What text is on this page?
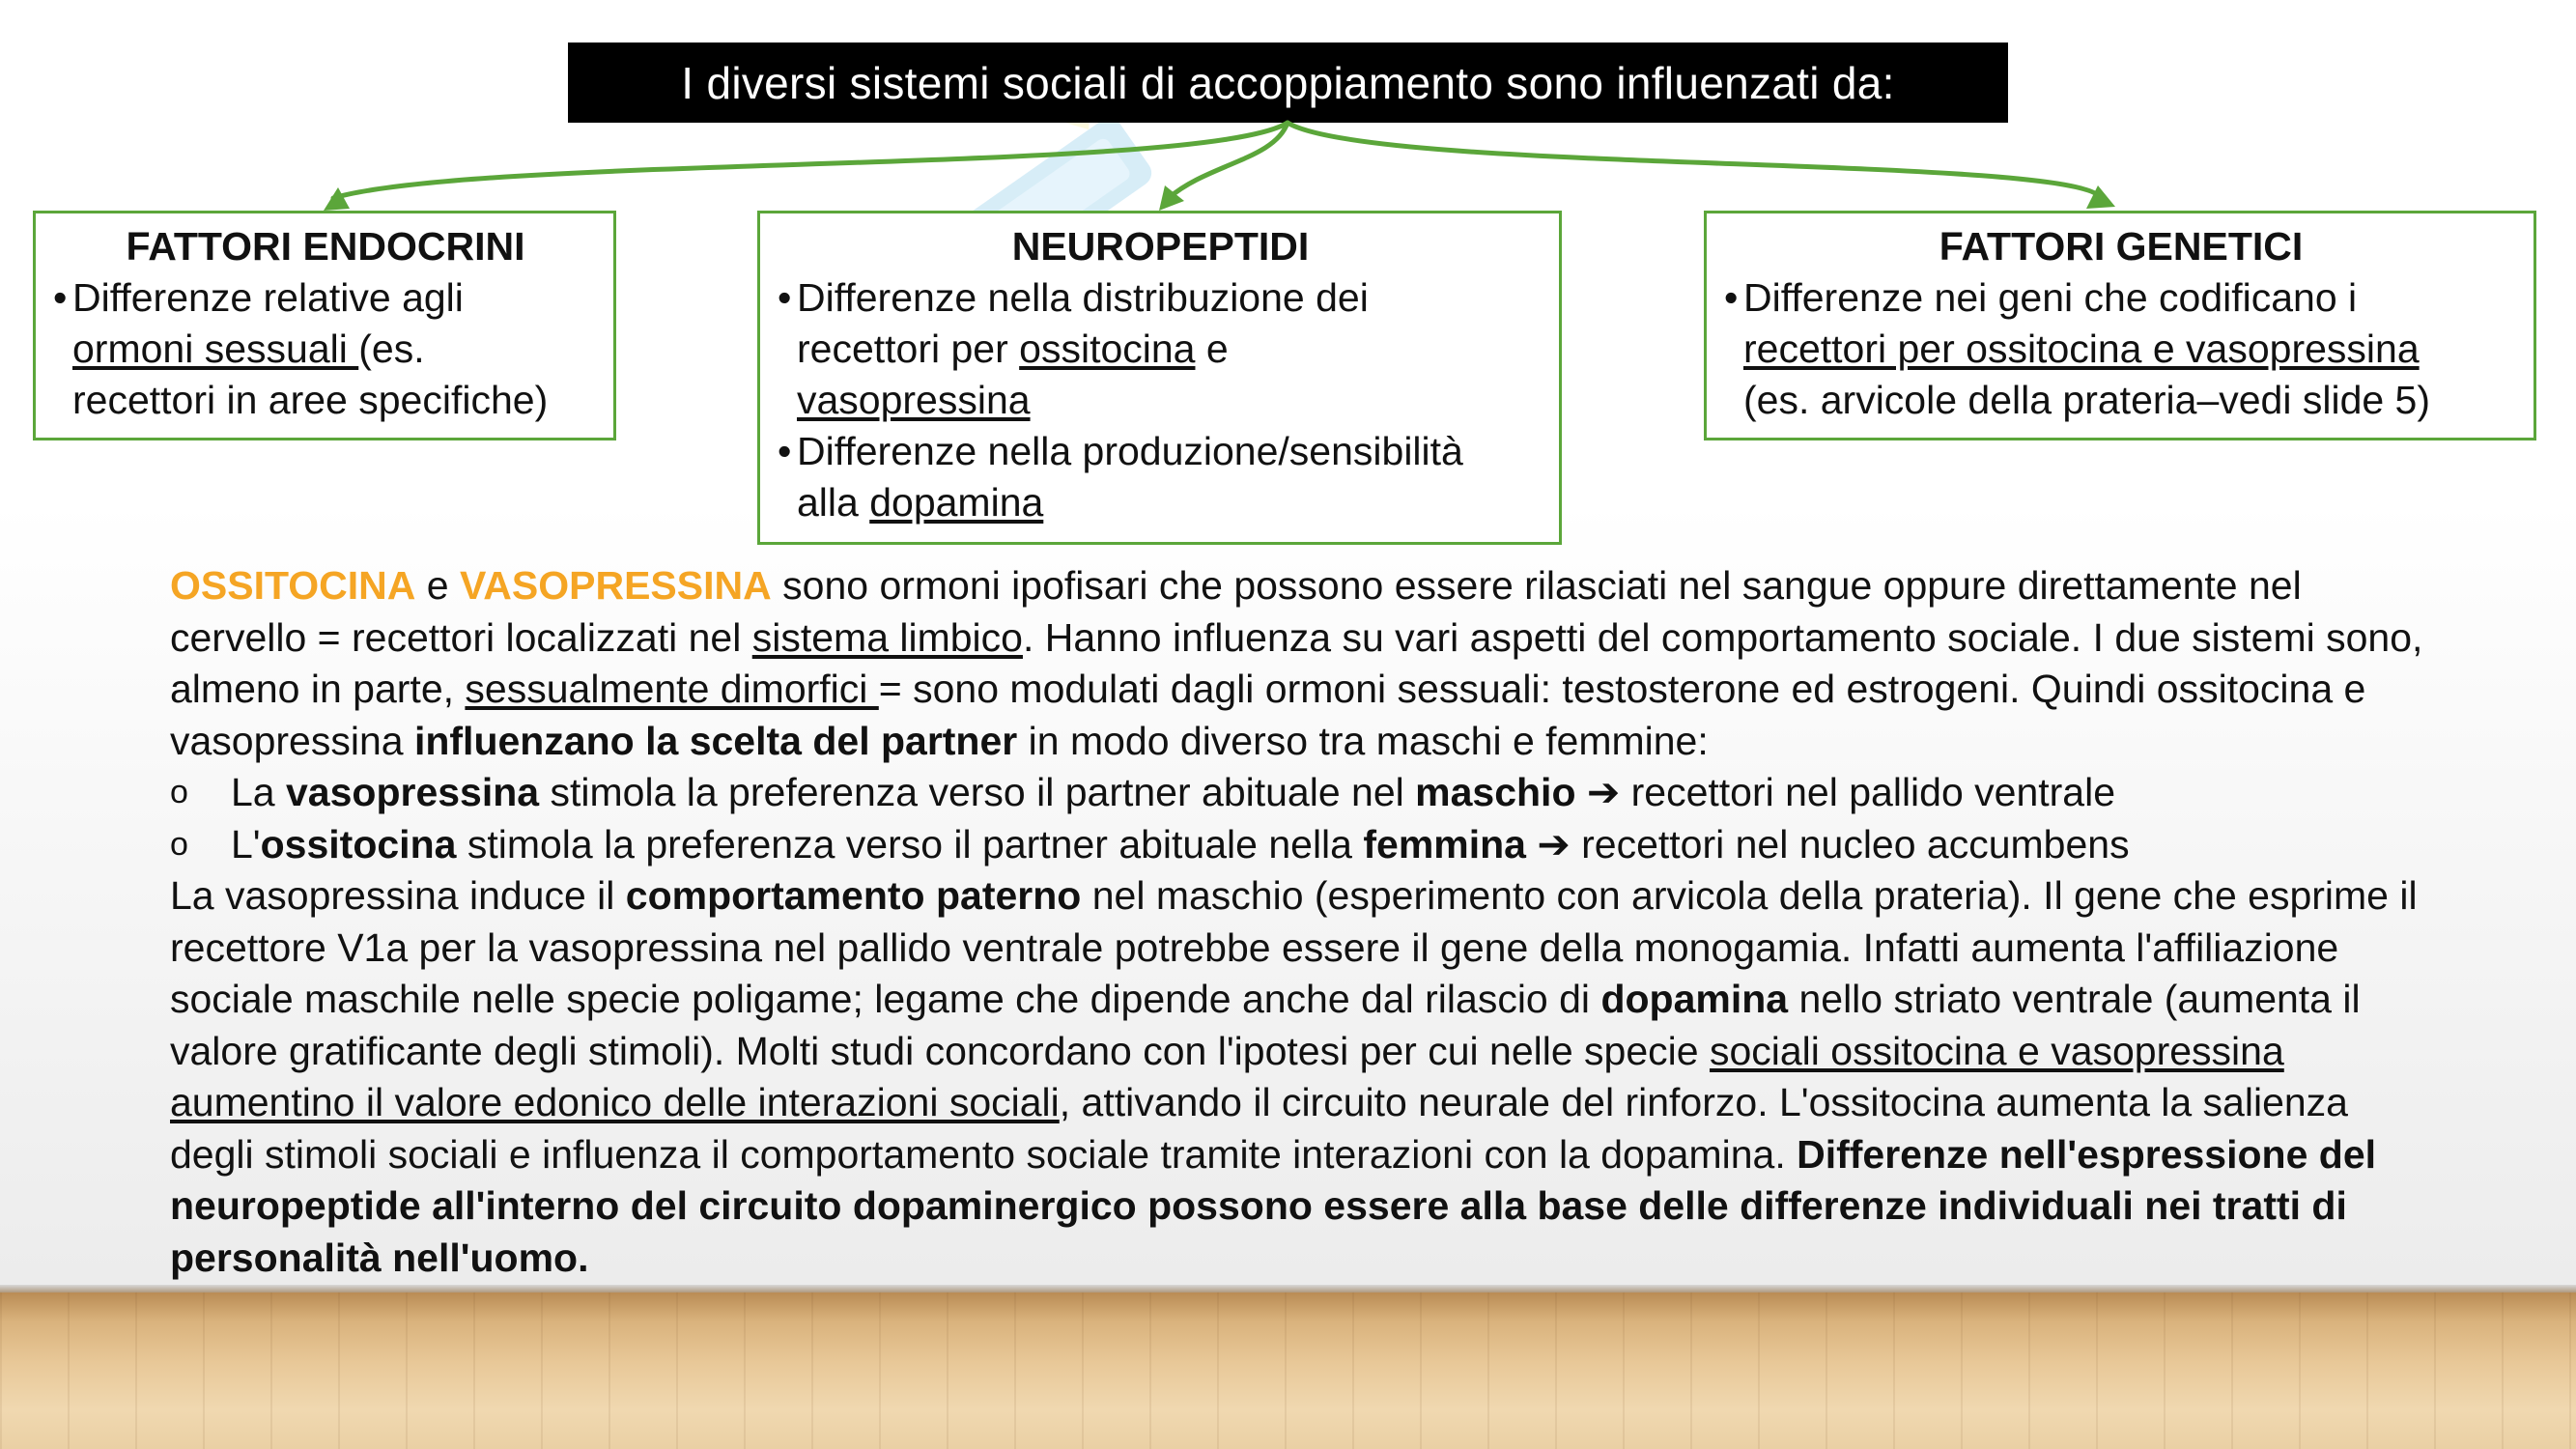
I diversi sistemi sociali di accoppiamento sono influenzati da:
FATTORI ENDOCRINI
• Differenze relative agli
ormoni sessuali (es.
recettori in aree specifiche)
NEUROPEPTIDI
• Differenze nella distribuzione dei
recettori per ossitocina e
vasopressina
• Differenze nella produzione/sensibilità
alla dopamina
FATTORI GENETICI
• Differenze nei geni che codificano i
recettori per ossitocina e vasopressina
(es. arvicole della prateria–vedi slide 5)
OSSITOCINA e VASOPRESSINA sono ormoni ipofisari che possono essere rilasciati nel sangue oppure direttamente nel cervello = recettori localizzati nel sistema limbico. Hanno influenza su vari aspetti del comportamento sociale. I due sistemi sono, almeno in parte, sessualmente dimorfici = sono modulati dagli ormoni sessuali: testosterone ed estrogeni. Quindi ossitocina e vasopressina influenzano la scelta del partner in modo diverso tra maschi e femmine:
o La vasopressina stimola la preferenza verso il partner abituale nel maschio ➔ recettori nel pallido ventrale
o L'ossitocina stimola la preferenza verso il partner abituale nella femmina ➔ recettori nel nucleo accumbens
La vasopressina induce il comportamento paterno nel maschio (esperimento con arvicola della prateria). Il gene che esprime il recettore V1a per la vasopressina nel pallido ventrale potrebbe essere il gene della monogamia. Infatti aumenta l'affiliazione sociale maschile nelle specie poligame; legame che dipende anche dal rilascio di dopamina nello striato ventrale (aumenta il valore gratificante degli stimoli). Molti studi concordano con l'ipotesi per cui nelle specie sociali ossitocina e vasopressina aumentino il valore edonico delle interazioni sociali, attivando il circuito neurale del rinforzo. L'ossitocina aumenta la salienza degli stimoli sociali e influenza il comportamento sociale tramite interazioni con la dopamina. Differenze nell'espressione del neuropeptide all'interno del circuito dopaminergico possono essere alla base delle differenze individuali nei tratti di personalità nell'uomo.
